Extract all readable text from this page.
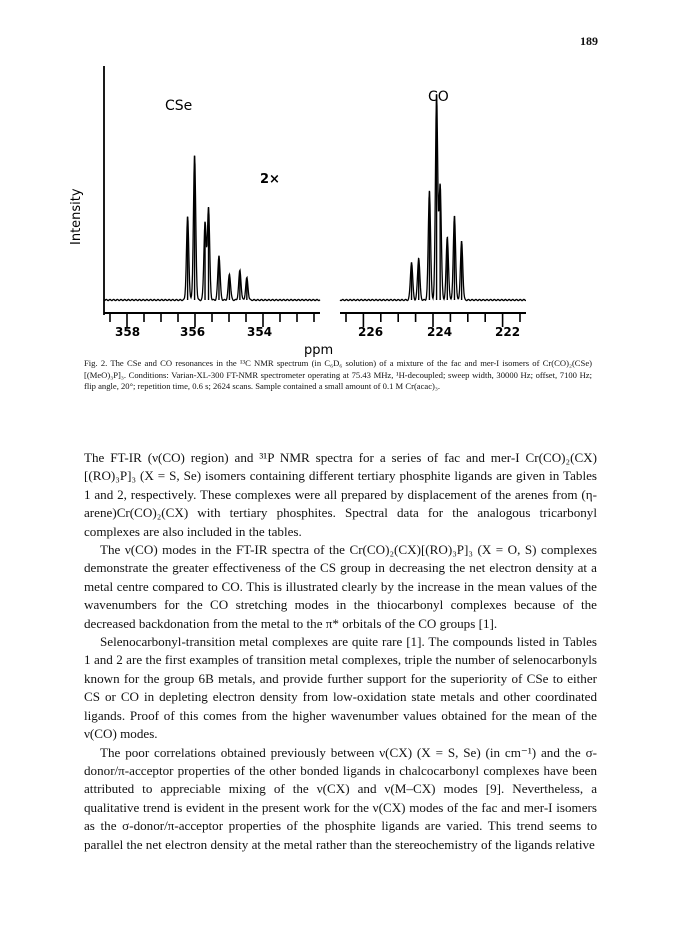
189
Intensity
CSe
CO
2×
358	356	354	226	224	222
ppm
Fig. 2. The CSe and CO resonances in the ¹³C NMR spectrum (in C₆D₆ solution) of a mixture of the fac and mer-I isomers of Cr(CO)₂(CSe)[(MeO)₃P]₃. Conditions: Varian-XL-300 FT-NMR spectrometer operating at 75.43 MHz, ¹H-decoupled; sweep width, 30000 Hz; offset, 7100 Hz; flip angle, 20°; repetition time, 0.6 s; 2624 scans. Sample contained a small amount of 0.1 M Cr(acac)₃.

The FT-IR (ν(CO) region) and ³¹P NMR spectra for a series of fac and mer-I Cr(CO)₂(CX)[(RO)₃P]₃ (X = S, Se) isomers containing different tertiary phosphite ligands are given in Tables 1 and 2, respectively. These complexes were all prepared by displacement of the arenes from (η-arene)Cr(CO)₂(CX) with tertiary phosphites. Spectral data for the analogous tricarbonyl complexes are also included in the tables.

The ν(CO) modes in the FT-IR spectra of the Cr(CO)₂(CX)[(RO)₃P]₃ (X = O, S) complexes demonstrate the greater effectiveness of the CS group in decreasing the net electron density at a metal centre compared to CO. This is illustrated clearly by the increase in the mean values of the wavenumbers for the CO stretching modes in the thiocarbonyl complexes because of the decreased backdonation from the metal to the π* orbitals of the CO groups [1].

Selenocarbonyl-transition metal complexes are quite rare [1]. The compounds listed in Tables 1 and 2 are the first examples of transition metal complexes, triple the number of selenocarbonyls known for the group 6B metals, and provide further support for the superiority of CSe to either CS or CO in depleting electron density from low-oxidation state metals and other coordinated ligands. Proof of this comes from the higher wavenumber values obtained for the mean of the ν(CO) modes.

The poor correlations obtained previously between ν(CX) (X = S, Se) (in cm⁻¹) and the σ-donor/π-acceptor properties of the other bonded ligands in chalcocarbonyl complexes have been attributed to appreciable mixing of the ν(CX) and ν(M–CX) modes [9]. Nevertheless, a qualitative trend is evident in the present work for the ν(CX) modes of the fac and mer-I isomers as the σ-donor/π-acceptor properties of the phosphite ligands are varied. This trend seems to parallel the net electron density at the metal rather than the stereochemistry of the ligands relative
